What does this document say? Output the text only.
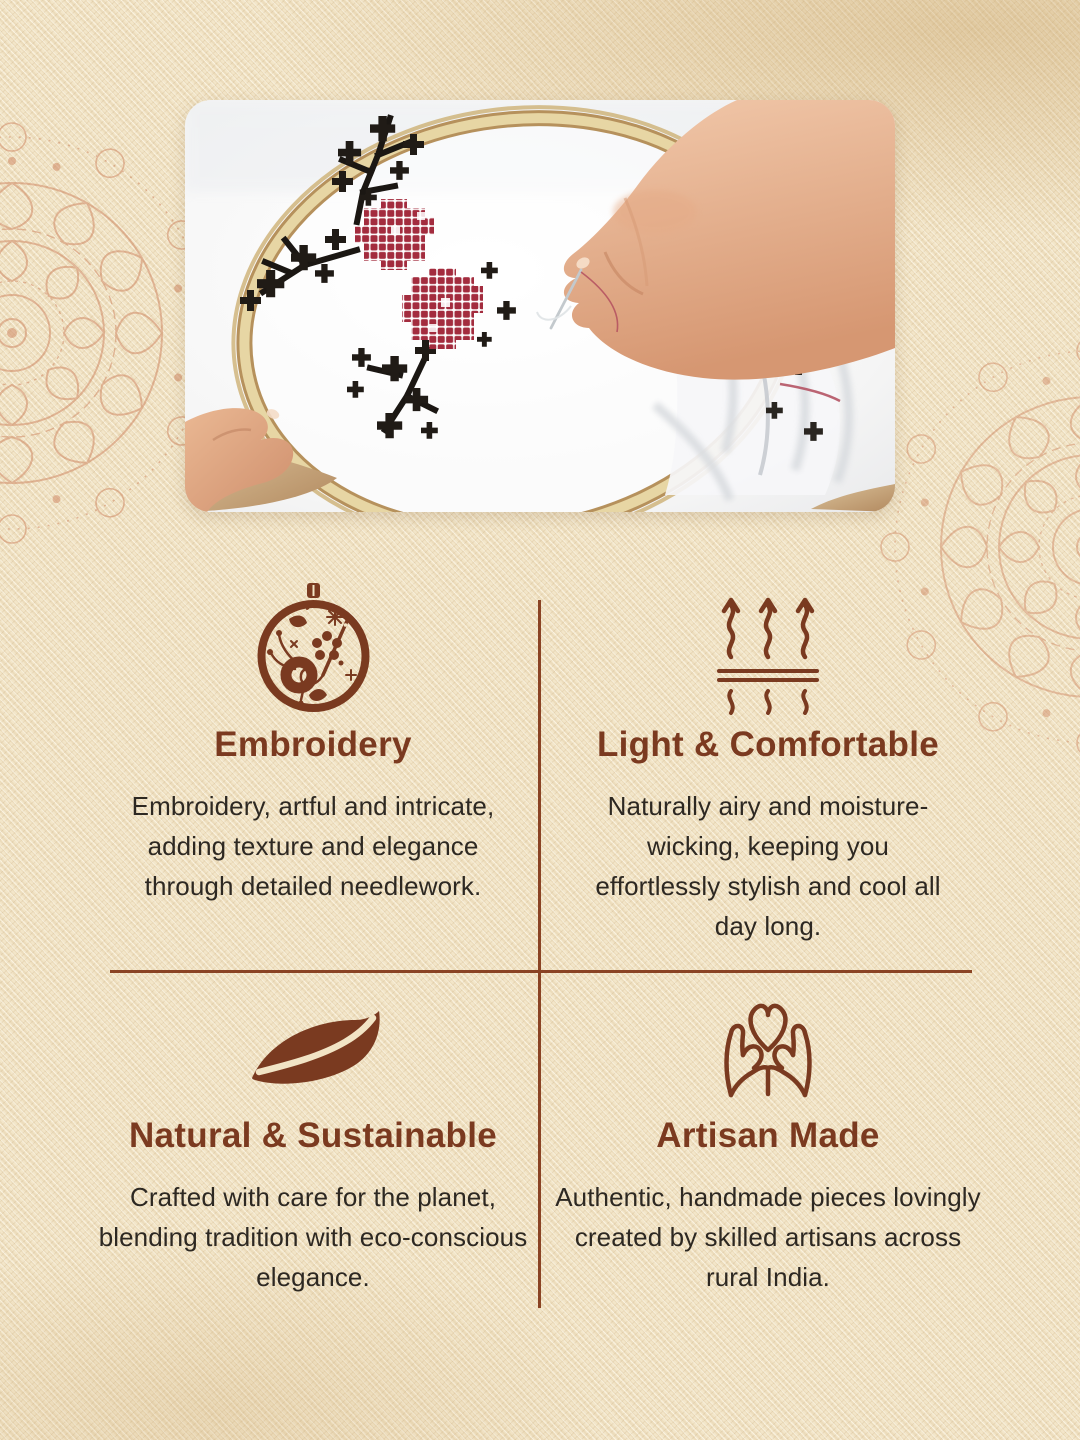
Embroidery

Embroidery, artful and intricate, adding texture and elegance through detailed needlework.

Light & Comfortable

Naturally airy and moisture-wicking, keeping you effortlessly stylish and cool all day long.

Natural & Sustainable

Crafted with care for the planet, blending tradition with eco-conscious elegance.

Artisan Made

Authentic, handmade pieces lovingly created by skilled artisans across rural India.
